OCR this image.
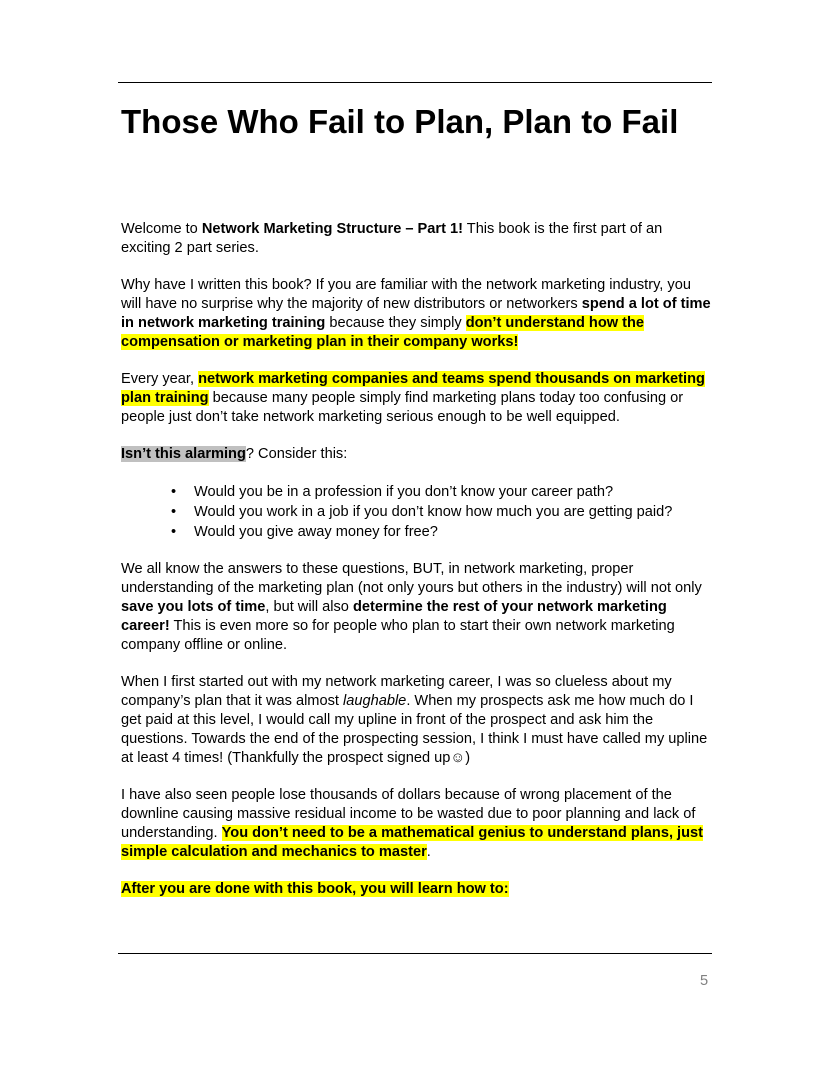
Those Who Fail to Plan, Plan to Fail

Welcome to Network Marketing Structure – Part 1! This book is the first part of an exciting 2 part series.

Why have I written this book? If you are familiar with the network marketing industry, you will have no surprise why the majority of new distributors or networkers spend a lot of time in network marketing training because they simply don’t understand how the compensation or marketing plan in their company works!

Every year, network marketing companies and teams spend thousands on marketing plan training because many people simply find marketing plans today too confusing or people just don’t take network marketing serious enough to be well equipped.

Isn’t this alarming? Consider this:

• Would you be in a profession if you don’t know your career path?
• Would you work in a job if you don’t know how much you are getting paid?
• Would you give away money for free?

We all know the answers to these questions, BUT, in network marketing, proper understanding of the marketing plan (not only yours but others in the industry) will not only save you lots of time, but will also determine the rest of your network marketing career! This is even more so for people who plan to start their own network marketing company offline or online.

When I first started out with my network marketing career, I was so clueless about my company’s plan that it was almost laughable. When my prospects ask me how much do I get paid at this level, I would call my upline in front of the prospect and ask him the questions. Towards the end of the prospecting session, I think I must have called my upline at least 4 times! (Thankfully the prospect signed up☺)

I have also seen people lose thousands of dollars because of wrong placement of the downline causing massive residual income to be wasted due to poor planning and lack of understanding. You don’t need to be a mathematical genius to understand plans, just simple calculation and mechanics to master.

After you are done with this book, you will learn how to:

5
